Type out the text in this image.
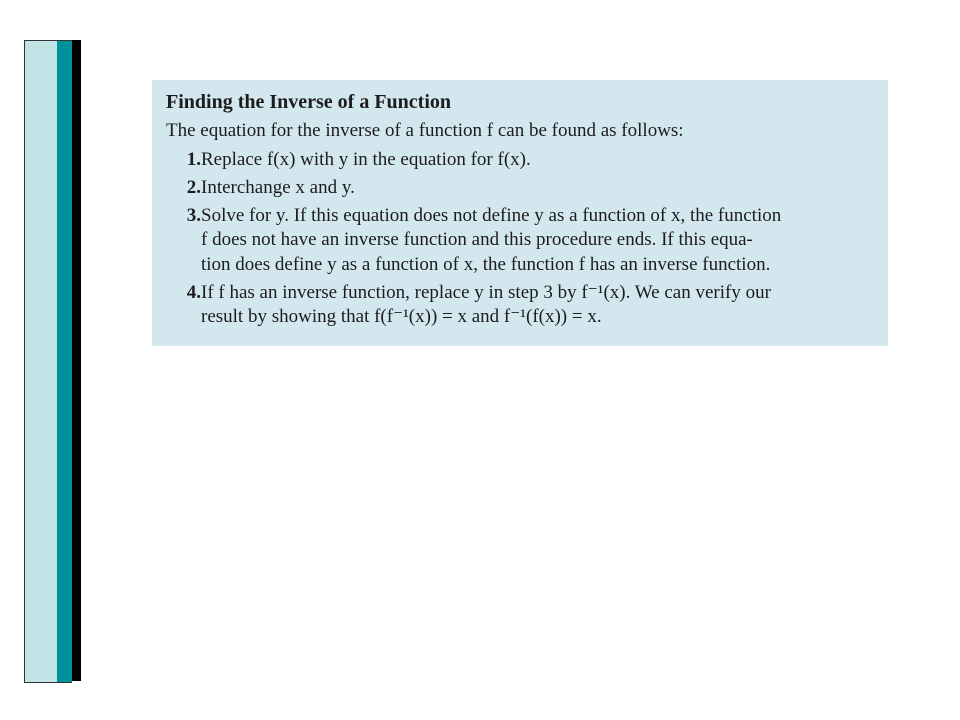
Finding the Inverse of a Function
The equation for the inverse of a function f can be found as follows:
1. Replace f(x) with y in the equation for f(x).
2. Interchange x and y.
3. Solve for y. If this equation does not define y as a function of x, the function
f does not have an inverse function and this procedure ends. If this equa-
tion does define y as a function of x, the function f has an inverse function.
4. If f has an inverse function, replace y in step 3 by f⁻¹(x). We can verify our
result by showing that f(f⁻¹(x)) = x and f⁻¹(f(x)) = x.
